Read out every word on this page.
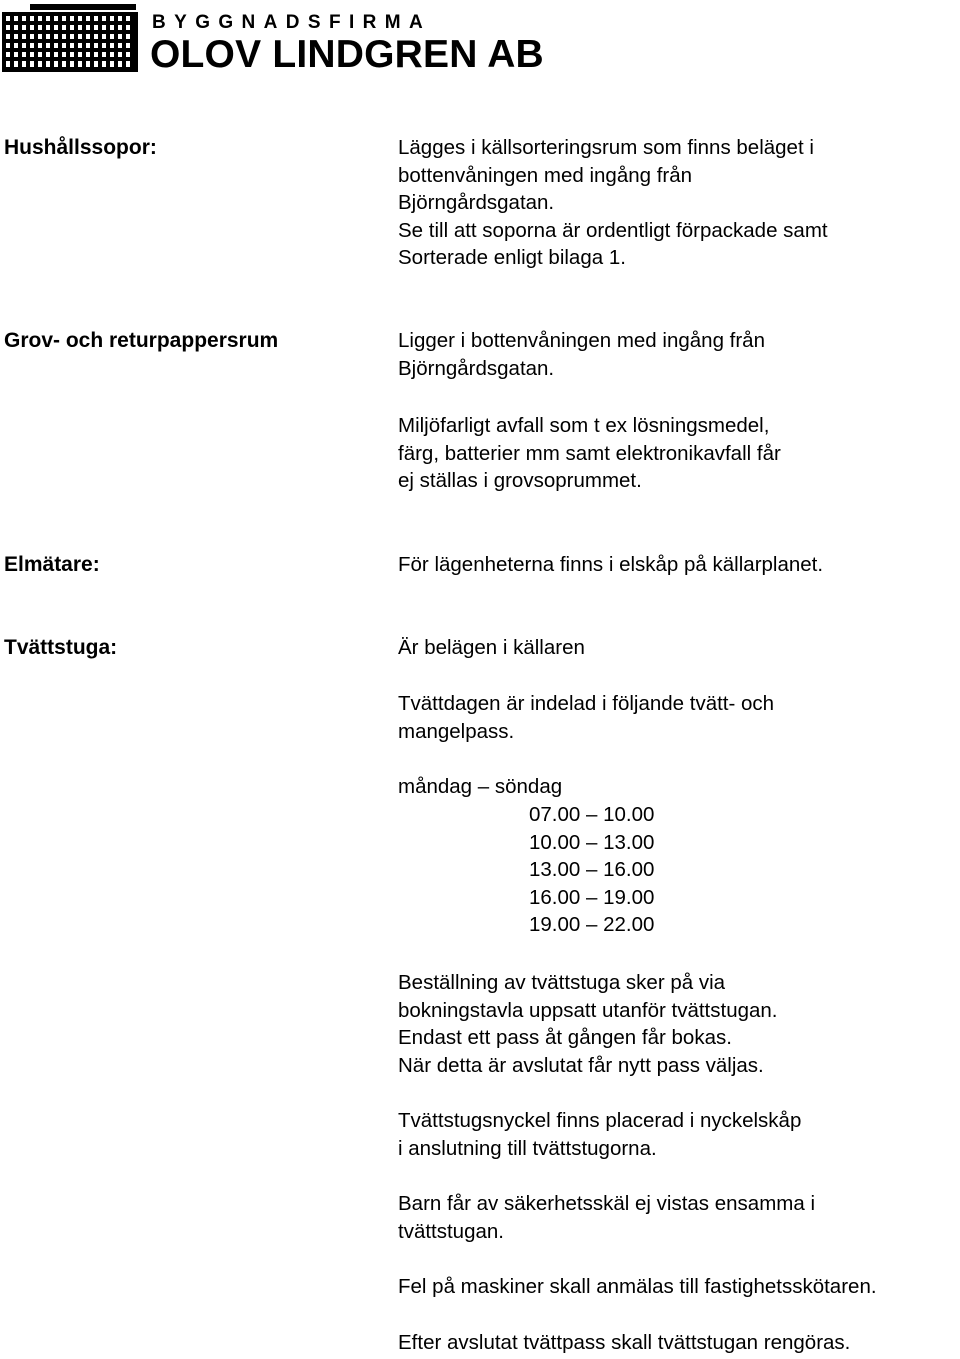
BYGGNADSFIRMA
OLOV LINDGREN AB
Hushållssopor:	Lägges i källsorteringsrum som finns beläget i
bottenvåningen med ingång från
Björngårdsgatan.
Se till att soporna är ordentligt förpackade samt
Sorterade enligt bilaga 1.
Grov- och returpappersrum	Ligger i bottenvåningen med ingång från
Björngårdsgatan.
Miljöfarligt avfall som t ex lösningsmedel,
färg, batterier mm samt elektronikavfall får
ej ställas i grovsoprummet.
Elmätare:	För lägenheterna finns i elskåp på källarplanet.
Tvättstuga:	Är belägen i källaren
Tvättdagen är indelad i följande tvätt- och
mangelpass.
måndag – söndag
07.00 – 10.00
10.00 – 13.00
13.00 – 16.00
16.00 – 19.00
19.00 – 22.00
Beställning av tvättstuga sker på via
bokningstavla uppsatt utanför tvättstugan.
Endast ett pass åt gången får bokas.
När detta är avslutat får nytt pass väljas.
Tvättstugsnyckel finns placerad i nyckelskåp
i anslutning till tvättstugorna.
Barn får av säkerhetsskäl ej vistas ensamma i
tvättstugan.
Fel på maskiner skall anmälas till fastighetsskötaren.
Efter avslutat tvättpass skall tvättstugan rengöras.
